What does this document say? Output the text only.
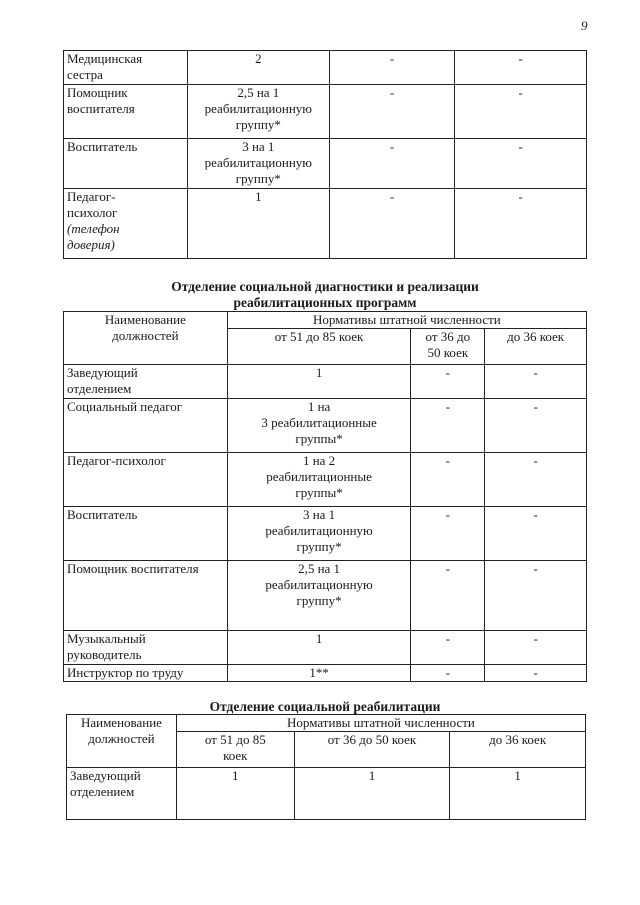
9
Медицинская
сестра	2	-	-
Помощник
воспитателя	2,5 на 1
реабилитационную
группу*	-	-
Воспитатель	3 на 1
реабилитационную
группу*	-	-

Педагог-
психолог
(телефон
доверия)	1	-	-
Отделение социальной диагностики и реализации
реабилитационных программ
Наименование
должностей	Нормативы штатной численности		
	от 51 до 85 коек	от 36 до
50 коек	до 36 коек
Заведующий
отделением	1	-	-
Социальный педагог	1 на
3 реабилитационные
группы*	-	-
Педагог-психолог	1 на 2
реабилитационные
группы*	-	-
Воспитатель	3 на 1
реабилитационную
группу*	-	-
Помощник воспитателя	2,5 на 1
реабилитационную
группу*	-	-
Музыкальный
руководитель	1	-	-
Инструктор по труду	1**	-	-
Отделение социальной реабилитации
Наименование
должностей	Нормативы штатной численности		
	от 51 до 85
коек	от 36 до 50 коек	до 36 коек
Заведующий
отделением	1	1	1
